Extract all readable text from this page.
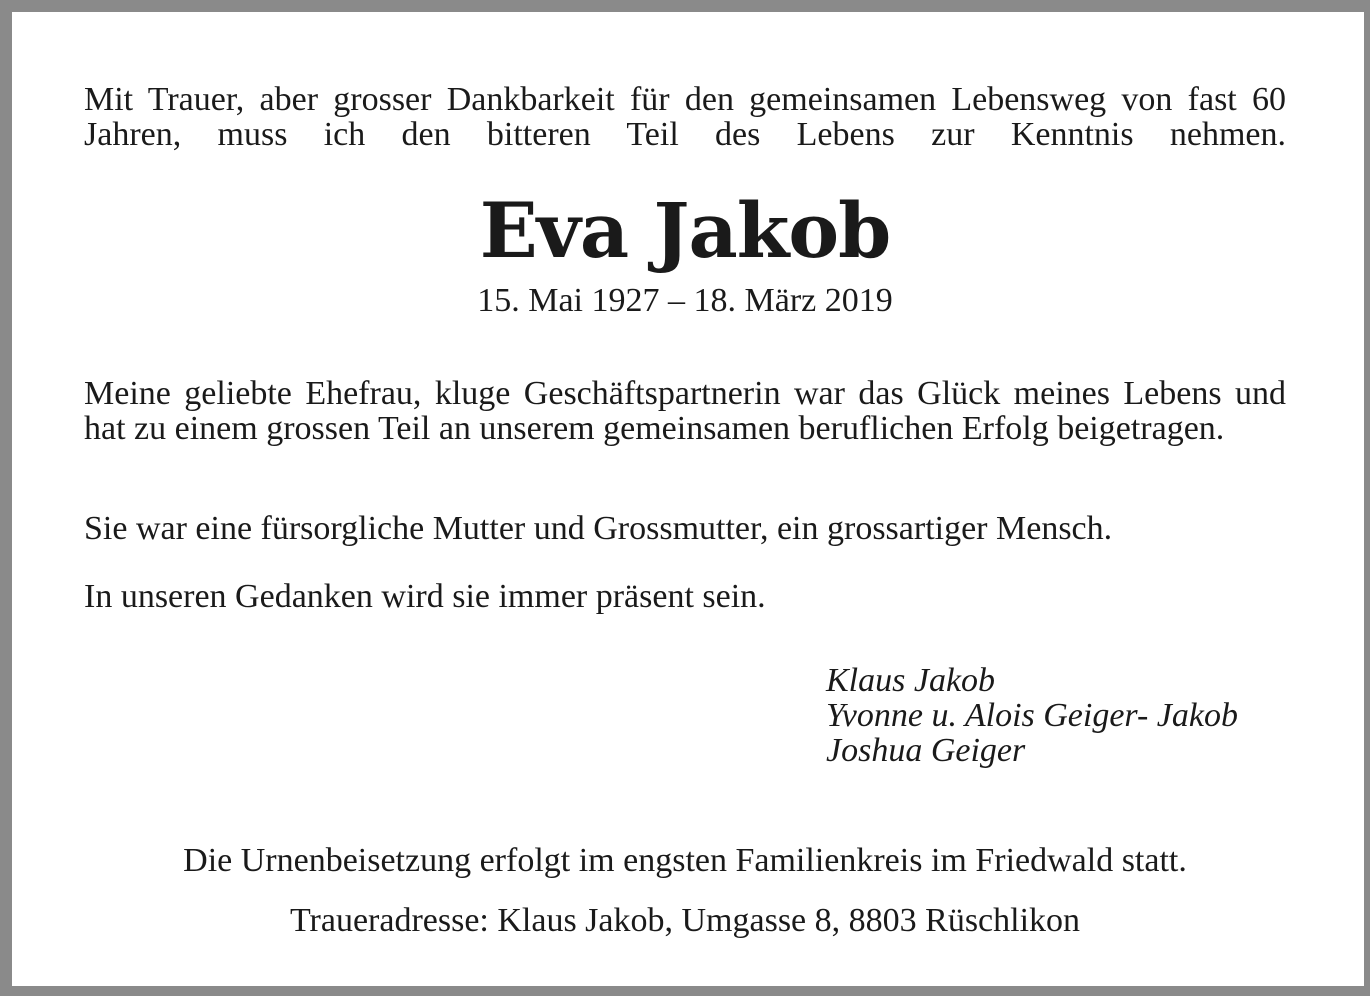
Mit Trauer, aber grosser Dankbarkeit für den gemeinsamen Lebensweg von fast 60 Jahren, muss ich den bitteren Teil des Lebens zur Kenntnis nehmen.

Eva Jakob

15. Mai 1927 – 18. März 2019

Meine geliebte Ehefrau, kluge Geschäftspartnerin war das Glück meines Lebens und hat zu einem grossen Teil an unserem gemeinsamen beruflichen Erfolg beigetragen.

Sie war eine fürsorgliche Mutter und Grossmutter, ein grossartiger Mensch.

In unseren Gedanken wird sie immer präsent sein.

Klaus Jakob

Yvonne u. Alois Geiger- Jakob

Joshua Geiger

Die Urnenbeisetzung erfolgt im engsten Familienkreis im Friedwald statt.

Traueradresse: Klaus Jakob, Umgasse 8, 8803 Rüschlikon
